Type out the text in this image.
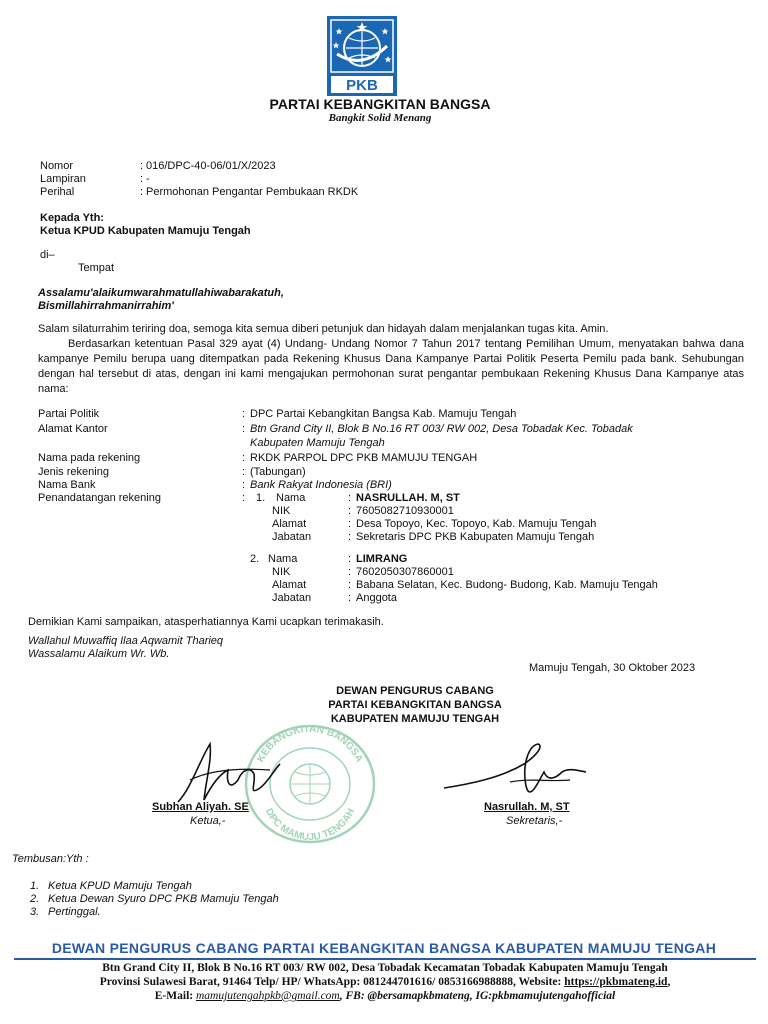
PKB
PARTAI KEBANGKITAN BANGSA
Bangkit Solid Menang
Nomor	: 016/DPC-40-06/01/X/2023
Lampiran	: -
Perihal	: Permohonan Pengantar Pembukaan RKDK
Kepada Yth:
Ketua KPUD Kabupaten Mamuju Tengah
di–
Tempat
Assalamu'alaikumwarahmatullahiwabarakatuh,
Bismillahirrahmanirrahim'
Salam silaturrahim teriring doa, semoga kita semua diberi petunjuk dan hidayah dalam menjalankan tugas kita. Amin.
Berdasarkan ketentuan Pasal 329 ayat (4) Undang- Undang Nomor 7 Tahun 2017 tentang Pemilihan Umum, menyatakan bahwa dana kampanye Pemilu berupa uang ditempatkan pada Rekening Khusus Dana Kampanye Partai Politik Peserta Pemilu pada bank. Sehubungan dengan hal tersebut di atas, dengan ini kami mengajukan permohonan surat pengantar pembukaan Rekening Khusus Dana Kampanye atas nama:
Partai Politik	: DPC Partai Kebangkitan Bangsa Kab. Mamuju Tengah
Alamat Kantor	: Btn Grand City II, Blok B No.16 RT 003/ RW 002, Desa Tobadak Kec. Tobadak
Kabupaten Mamuju Tengah
Nama pada rekening	: RKDK PARPOL DPC PKB MAMUJU TENGAH
Jenis rekening	: (Tabungan)
Nama Bank	: Bank Rakyat Indonesia (BRI)
Penandatangan rekening	: 1. Nama	: NASRULLAH. M, ST
NIK	: 7605082710930001
Alamat	: Desa Topoyo, Kec. Topoyo, Kab. Mamuju Tengah
Jabatan	: Sekretaris DPC PKB Kabupaten Mamuju Tengah
2. Nama	: LIMRANG
NIK	: 7602050307860001
Alamat	: Babana Selatan, Kec. Budong- Budong, Kab. Mamuju Tengah
Jabatan	: Anggota
Demikian Kami sampaikan, atasperhatiannya Kami ucapkan terimakasih.
Wallahul Muwaffiq Ilaa Aqwamit Tharieq
Wassalamu Alaikum Wr. Wb.
Mamuju Tengah, 30 Oktober 2023
DEWAN PENGURUS CABANG
PARTAI KEBANGKITAN BANGSA
KABUPATEN MAMUJU TENGAH
KEBANGKITAN BANGSA
DPC MAMUJU TENGAH
Subhan Aliyah. SE
Ketua,-
Nasrullah. M, ST
Sekretaris,-
Tembusan:Yth :
1. Ketua KPUD Mamuju Tengah
2. Ketua Dewan Syuro DPC PKB Mamuju Tengah
3. Pertinggal.
DEWAN PENGURUS CABANG PARTAI KEBANGKITAN BANGSA KABUPATEN MAMUJU TENGAH
Btn Grand City II, Blok B No.16 RT 003/ RW 002, Desa Tobadak Kecamatan Tobadak Kabupaten Mamuju Tengah
Provinsi Sulawesi Barat, 91464 Telp/ HP/ WhatsApp: 081244701616/ 0853166988888, Website: https://pkbmateng.id,
E-Mail: mamujutengahpkb@gmail.com, FB: @bersamapkbmateng, IG:pkbmamujutengahofficial
